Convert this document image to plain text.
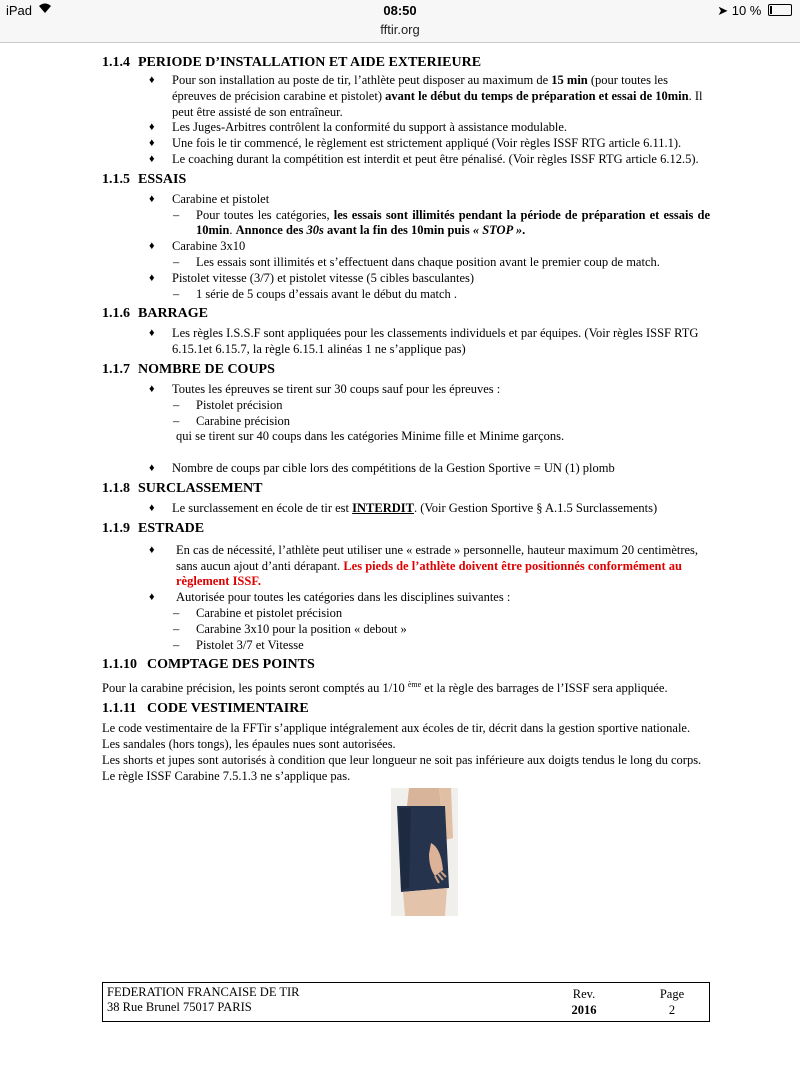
iPad	08:50	➤ 10 %
fftir.org
1.1.4 PERIODE D’INSTALLATION ET AIDE EXTERIEURE

♦ Pour son installation au poste de tir, l’athlète peut disposer au maximum de 15 min (pour toutes les épreuves de précision carabine et pistolet) avant le début du temps de préparation et essai de 10min. Il peut être assisté de son entraîneur.

♦ Les Juges-Arbitres contrôlent la conformité du support à assistance modulable.

♦ Une fois le tir commencé, le règlement est strictement appliqué (Voir règles ISSF RTG article 6.11.1).

♦ Le coaching durant la compétition est interdit et peut être pénalisé. (Voir règles ISSF RTG article 6.12.5).

1.1.5 ESSAIS

♦ Carabine et pistolet

– Pour toutes les catégories, les essais sont illimités pendant la période de préparation et essais de 10min. Annonce des 30s avant la fin des 10min puis « STOP ».

♦ Carabine 3x10

– Les essais sont illimités et s’effectuent dans chaque position avant le premier coup de match.

♦ Pistolet vitesse (3/7) et pistolet vitesse (5 cibles basculantes)

– 1 série de 5 coups d’essais avant le début du match .

1.1.6 BARRAGE

♦ Les règles I.S.S.F sont appliquées pour les classements individuels et par équipes. (Voir règles ISSF RTG 6.15.1et 6.15.7, la règle 6.15.1 alinéas 1 ne s’applique pas)

1.1.7 NOMBRE DE COUPS

♦ Toutes les épreuves se tirent sur 30 coups sauf pour les épreuves :

– Pistolet précision

– Carabine précision

qui se tirent sur 40 coups dans les catégories Minime fille et Minime garçons.

♦ Nombre de coups par cible lors des compétitions de la Gestion Sportive = UN (1) plomb

1.1.8 SURCLASSEMENT

♦ Le surclassement en école de tir est INTERDIT. (Voir Gestion Sportive § A.1.5 Surclassements)

1.1.9 ESTRADE

♦ En cas de nécessité, l’athlète peut utiliser une « estrade » personnelle, hauteur maximum 20 centimètres, sans aucun ajout d’anti dérapant. Les pieds de l’athlète doivent être positionnés conformément au règlement ISSF.

♦ Autorisée pour toutes les catégories dans les disciplines suivantes :

– Carabine et pistolet précision

– Carabine 3x10 pour la position « debout »

– Pistolet 3/7 et Vitesse

1.1.10 COMPTAGE DES POINTS

Pour la carabine précision, les points seront comptés au 1/10 $^{ème}$ et la règle des barrages de l’ISSF sera appliquée.

1.1.11 CODE VESTIMENTAIRE

Le code vestimentaire de la FFTir s’applique intégralement aux écoles de tir, décrit dans la gestion sportive nationale.

Les sandales (hors tongs), les épaules nues sont autorisées.

Les shorts et jupes sont autorisés à condition que leur longueur ne soit pas inférieure aux doigts tendus le long du corps.

Le règle ISSF Carabine 7.5.1.3 ne s’applique pas.

FEDERATION FRANCAISE DE TIR
38 Rue Brunel 75017 PARIS
Rev.
2016
Page
2
